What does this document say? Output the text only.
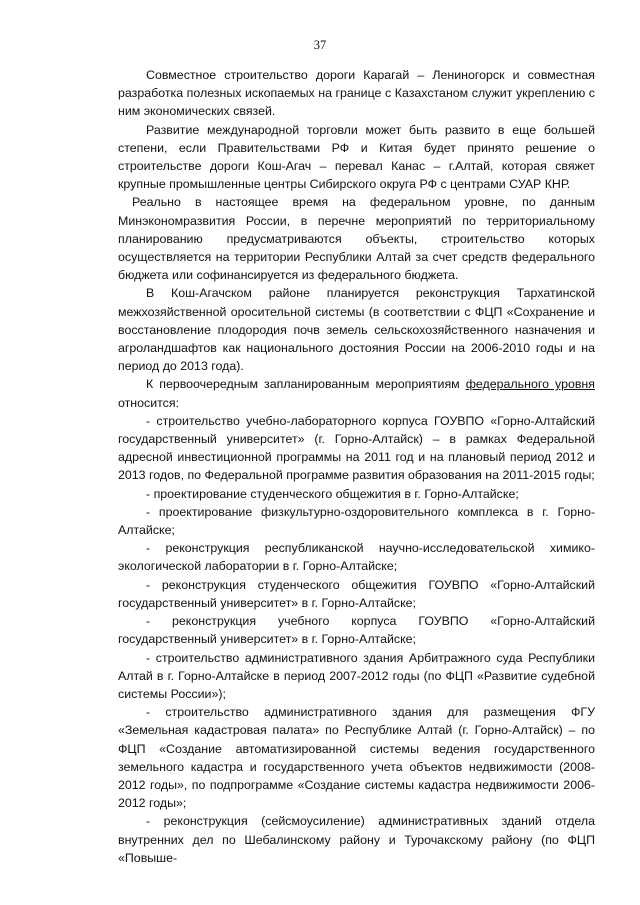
37

Совместное строительство дороги Карагай – Лениногорск и совместная разработка полезных ископаемых на границе с Казахстаном служит укреплению с ним экономических связей.

Развитие международной торговли может быть развито в еще большей степени, если Правительствами РФ и Китая будет принято решение о строительстве дороги Кош-Агач – перевал Канас – г.Алтай, которая свяжет крупные промышленные центры Сибирского округа РФ с центрами СУАР КНР.

Реально в настоящее время на федеральном уровне, по данным Минэкономразвития России, в перечне мероприятий по территориальному планированию предусматриваются объекты, строительство которых осуществляется на территории Республики Алтай за счет средств федерального бюджета или софинансируется из федерального бюджета.

В Кош-Агачском районе планируется реконструкция Тархатинской межхозяйственной оросительной системы (в соответствии с ФЦП «Сохранение и восстановление плодородия почв земель сельскохозяйственного назначения и агроландшафтов как национального достояния России на 2006-2010 годы и на период до 2013 года).

К первоочередным запланированным мероприятиям федерального уровня относится:

- строительство учебно-лабораторного корпуса ГОУВПО «Горно-Алтайский государственный университет» (г. Горно-Алтайск) – в рамках Федеральной адресной инвестиционной программы на 2011 год и на плановый период 2012 и 2013 годов, по Федеральной программе развития образования на 2011-2015 годы;

- проектирование студенческого общежития в г. Горно-Алтайске;

- проектирование физкультурно-оздоровительного комплекса в г. Горно-Алтайске;

- реконструкция республиканской научно-исследовательской химико-экологической лаборатории в г. Горно-Алтайске;

- реконструкция студенческого общежития ГОУВПО «Горно-Алтайский государственный университет» в г. Горно-Алтайске;

- реконструкция учебного корпуса ГОУВПО «Горно-Алтайский государственный университет» в г. Горно-Алтайске;

- строительство административного здания Арбитражного суда Республики Алтай в г. Горно-Алтайске в период 2007-2012 годы (по ФЦП «Развитие судебной системы России»);

- строительство административного здания для размещения ФГУ «Земельная кадастровая палата» по Республике Алтай (г. Горно-Алтайск) – по ФЦП «Создание автоматизированной системы ведения государственного земельного кадастра и государственного учета объектов недвижимости (2008-2012 годы», по подпрограмме «Создание системы кадастра недвижимости 2006-2012 годы»;

- реконструкция (сейсмоусиление) административных зданий отдела внутренних дел по Шебалинскому району и Турочакскому району (по ФЦП «Повыше-
